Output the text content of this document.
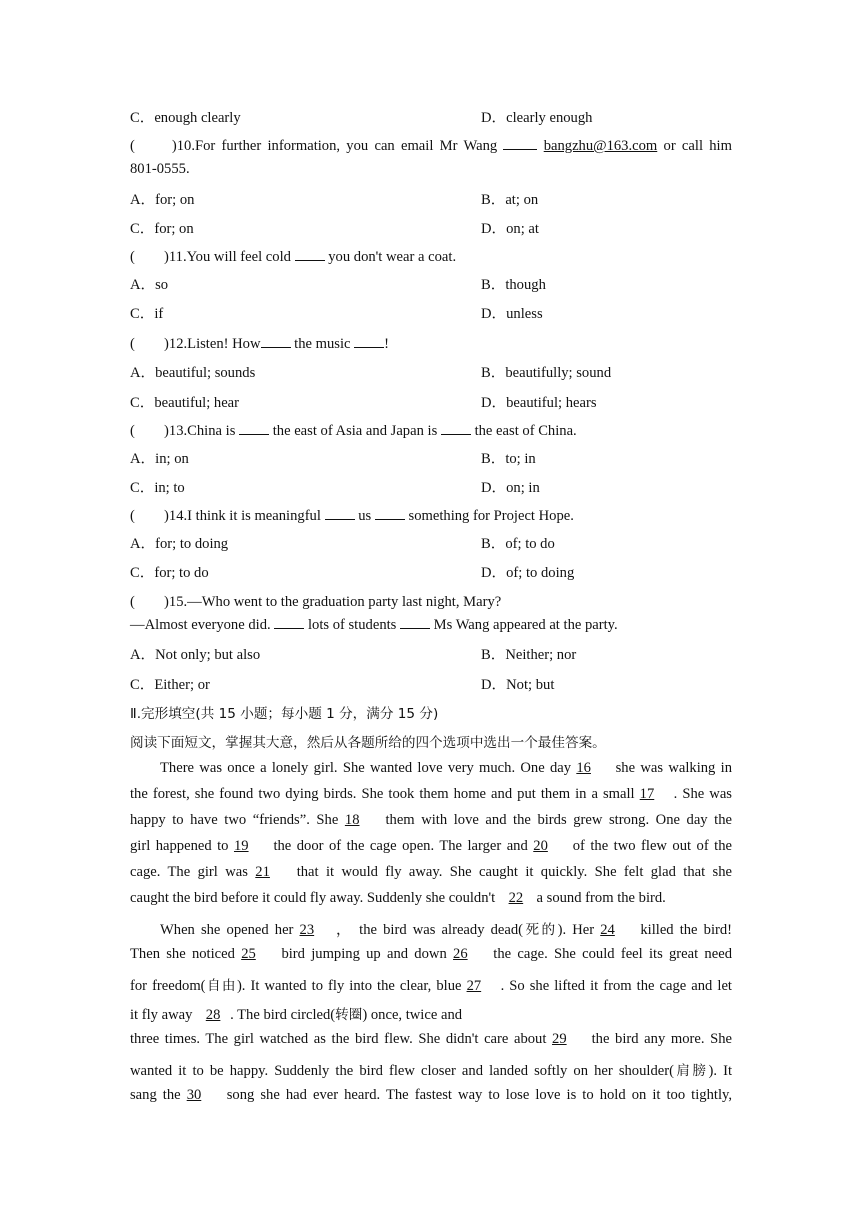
C．enough clearly	D．clearly enough
(　　)10.For further information, you can email Mr Wang	bangzhu@163.com or call him
801-0555.
A．for; on	B．at; on
C．for; on	D．on; at
(　　)11.You will feel cold	you don't wear a coat.
A．so	B．though
C．if	D．unless
(　　)12.Listen! How the music !
A．beautiful; sounds	B．beautifully; sound
C．beautiful; hear	D．beautiful; hears
(　　)13.China is	the east of Asia and Japan is	the east of China.
A．in; on	B．to; in
C．in; to	D．on; in
(　　)14.I think it is meaningful	us	something for Project Hope.
A．for; to doing	B．of; to do
C．for; to do	D．of; to doing
(　　)15.—Who went to the graduation party last night, Mary?
—Almost everyone did.	lots of students	Ms Wang appeared at the party.
A．Not only; but also	B．Neither; nor
C．Either; or	D．Not; but
Ⅱ.完形填空(共 15 小题；每小题 1 分，满分 15 分)
阅读下面短文，掌握其大意，然后从各题所给的四个选项中选出一个最佳答案。
There was once a lonely girl. She wanted love very much. One day 16 she was walking in
the forest, she found two dying birds. She took them home and put them in a small 17 . She was
happy to have two “friends”. She 18 them with love and the birds grew strong. One day the
girl happened to 19 the door of the cage open. The larger and 20 of the two flew out of the
cage. The girl was 21 that it would fly away. She caught it quickly. She felt glad that she
caught the bird before it could fly away. Suddenly she couldn't 22 a sound from the bird.
When she opened her 23 ， the bird was already dead(死的). Her 24 killed the bird!
Then she noticed 25 bird jumping up and down 26 the cage. She could feel its great need
for freedom(自由). It wanted to fly into the clear, blue 27 . So she lifted it from the cage and let
it fly away 28 . The bird circled(转圈) once, twice and
three times. The girl watched as the bird flew. She didn't care about 29 the bird any more. She
wanted it to be happy. Suddenly the bird flew closer and landed softly on her shoulder(肩膀). It
sang the 30 song she had ever heard. The fastest way to lose love is to hold on it too tightly,
